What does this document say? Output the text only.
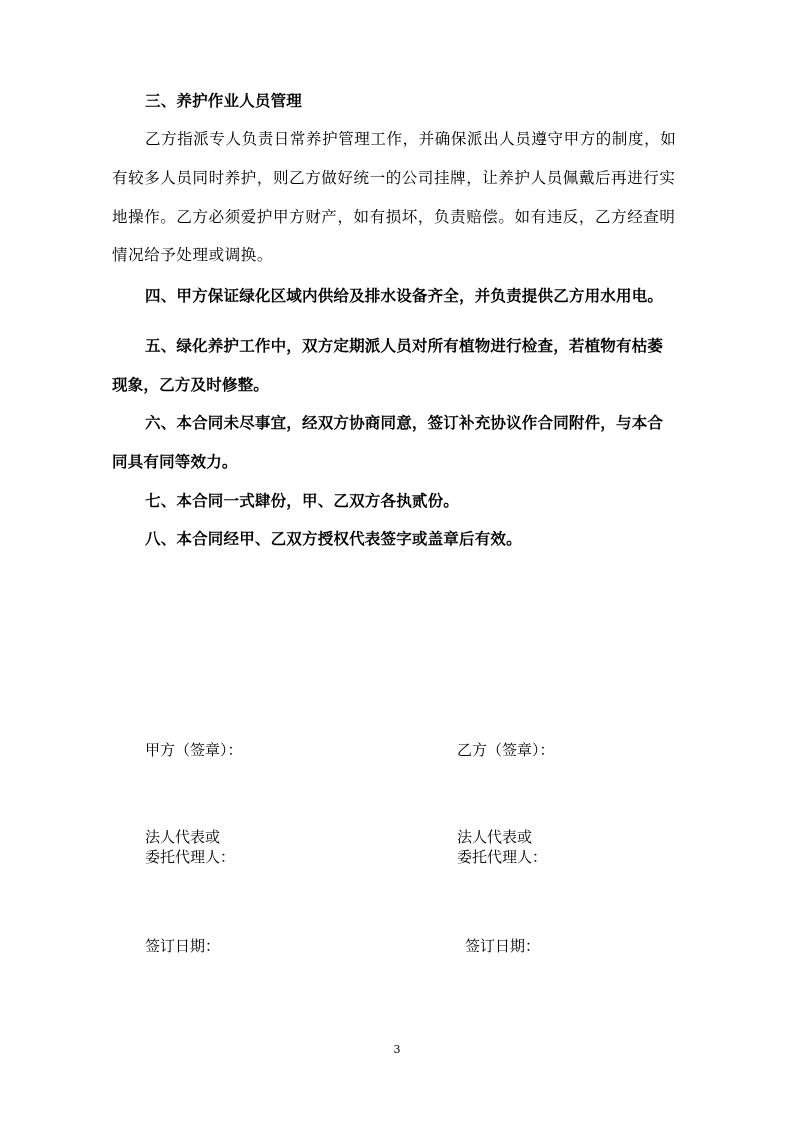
三、养护作业人员管理

乙方指派专人负责日常养护管理工作，并确保派出人员遵守甲方的制度，如

有较多人员同时养护，则乙方做好统一的公司挂牌，让养护人员佩戴后再进行实

地操作。乙方必须爱护甲方财产，如有损坏，负责赔偿。如有违反，乙方经查明

情况给予处理或调换。

四、甲方保证绿化区域内供给及排水设备齐全，并负责提供乙方用水用电。

五、绿化养护工作中，双方定期派人员对所有植物进行检查，若植物有枯萎

现象，乙方及时修整。

六、本合同未尽事宜，经双方协商同意，签订补充协议作合同附件，与本合

同具有同等效力。

七、本合同一式肆份，甲、乙双方各执贰份。

八、本合同经甲、乙双方授权代表签字或盖章后有效。

甲方（签章）：	乙方（签章）：
法人代表或
委托代理人：
法人代表或
委托代理人：
签订日期：	签订日期：
3
